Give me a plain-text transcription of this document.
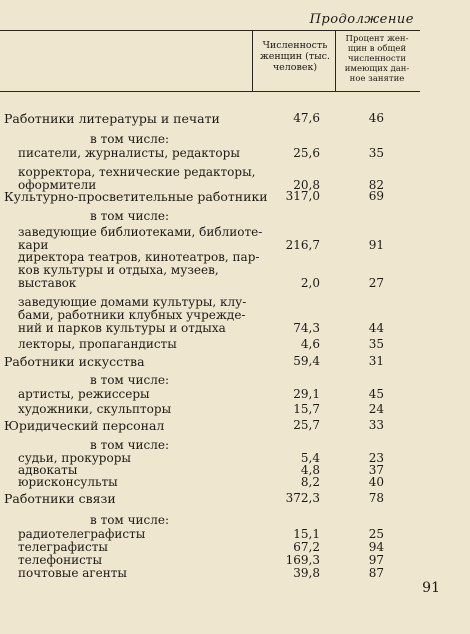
Продолжение
Численность женщин (тыс. человек)
Процент жен-
щин в общей
численности
имеющих дан-
ное занятие
Работники литературы и печати	47,6	46
в том числе:
писатели, журналисты, редакторы	25,6	35
корректора, технические редакторы,
оформители	20,8	82
Культурно-просветительные работники	317,0	69
в том числе:
заведующие библиотеками, библиоте-
кари	216,7	91
директора театров, кинотеатров, пар-
ков культуры и отдыха, музеев,
выставок	2,0	27
заведующие домами культуры, клу-
бами, работники клубных учрежде-
ний и парков культуры и отдыха	74,3	44
лекторы, пропагандисты	4,6	35
Работники искусства	59,4	31
в том числе:
артисты, режиссеры	29,1	45
художники, скульпторы	15,7	24
Юридический персонал	25,7	33
в том числе:
судьи, прокуроры	5,4	23
адвокаты	4,8	37
юрисконсульты	8,2	40
Работники связи	372,3	78
в том числе:
радиотелеграфисты	15,1	25
телеграфисты	67,2	94
телефонисты	169,3	97
почтовые агенты	39,8	87
91
